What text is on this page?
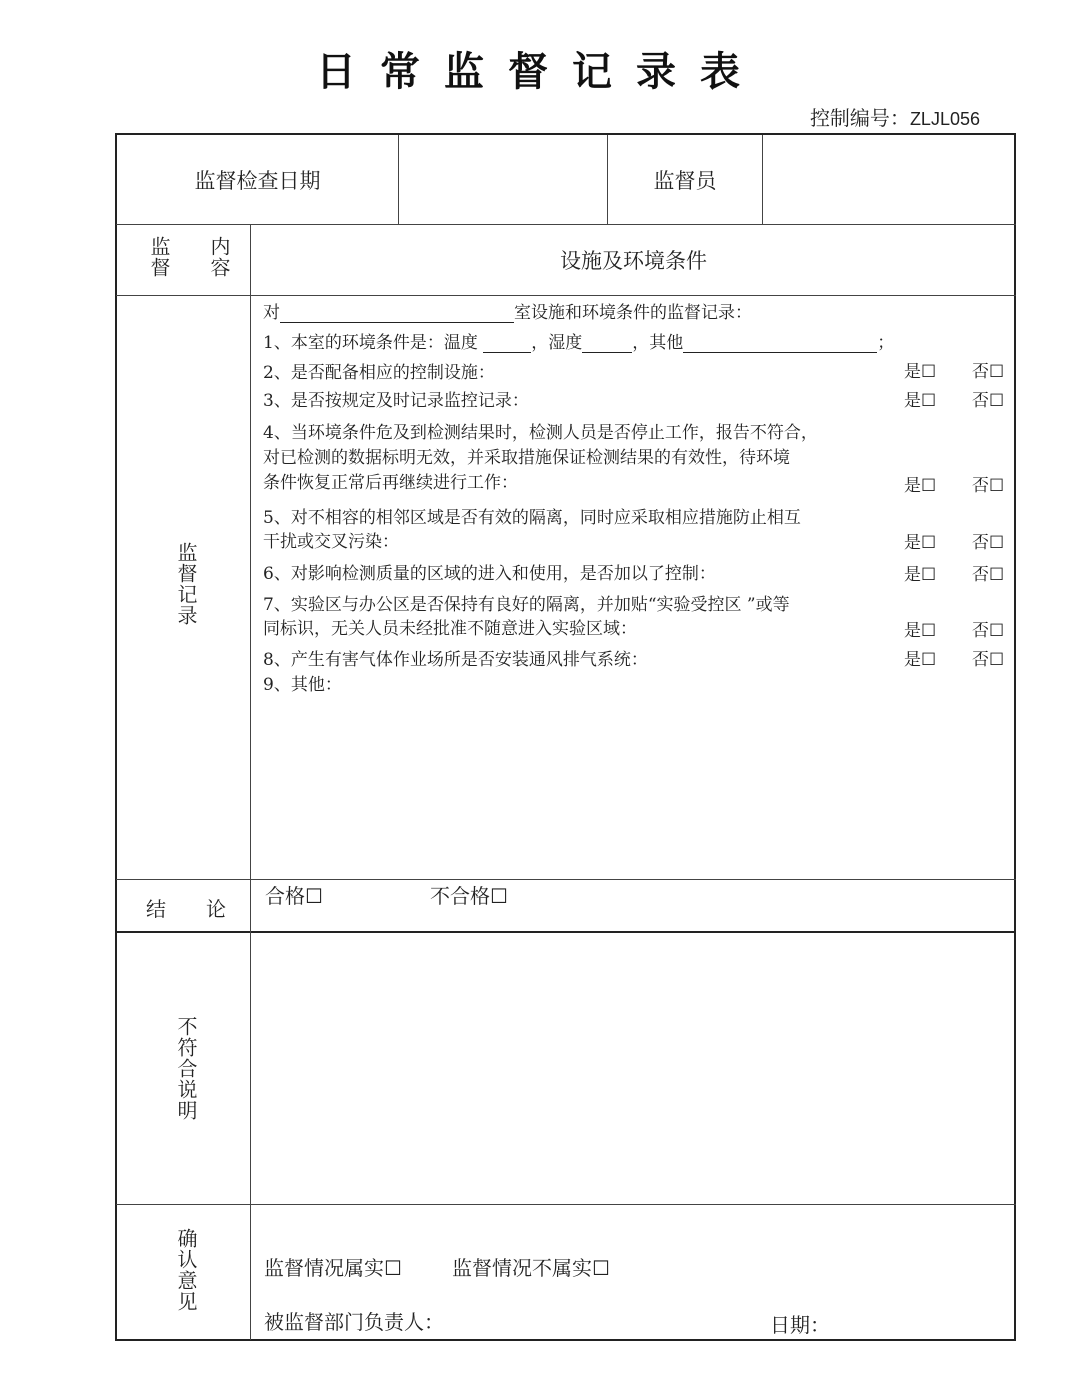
日常监督记录表
控制编号：ZLJL056
监督检查日期	监督员
监督 内容	设施及环境条件
监督记录
对	室设施和环境条件的监督记录：
1、本室的环境条件是：温度	，湿度	，其他	；
2、是否配备相应的控制设施：	是☐ 否☐
3、是否按规定及时记录监控记录：	是☐ 否☐
4、当环境条件危及到检测结果时，检测人员是否停止工作，报告不符合，
对已检测的数据标明无效，并采取措施保证检测结果的有效性，待环境
条件恢复正常后再继续进行工作：	是☐ 否☐
5、对不相容的相邻区域是否有效的隔离，同时应采取相应措施防止相互
干扰或交叉污染：	是☐ 否☐
6、对影响检测质量的区域的进入和使用，是否加以了控制：	是☐ 否☐
7、实验区与办公区是否保持有良好的隔离，并加贴“实验受控区 ”或等
同标识，无关人员未经批准不随意进入实验区域：	是☐ 否☐
8、产生有害气体作业场所是否安装通风排气系统：	是☐ 否☐
9、其他：
结 论
合格☐	不合格☐
不符合说明
确认意见	监督情况属实☐	监督情况不属实☐
被监督部门负责人：	日期：
